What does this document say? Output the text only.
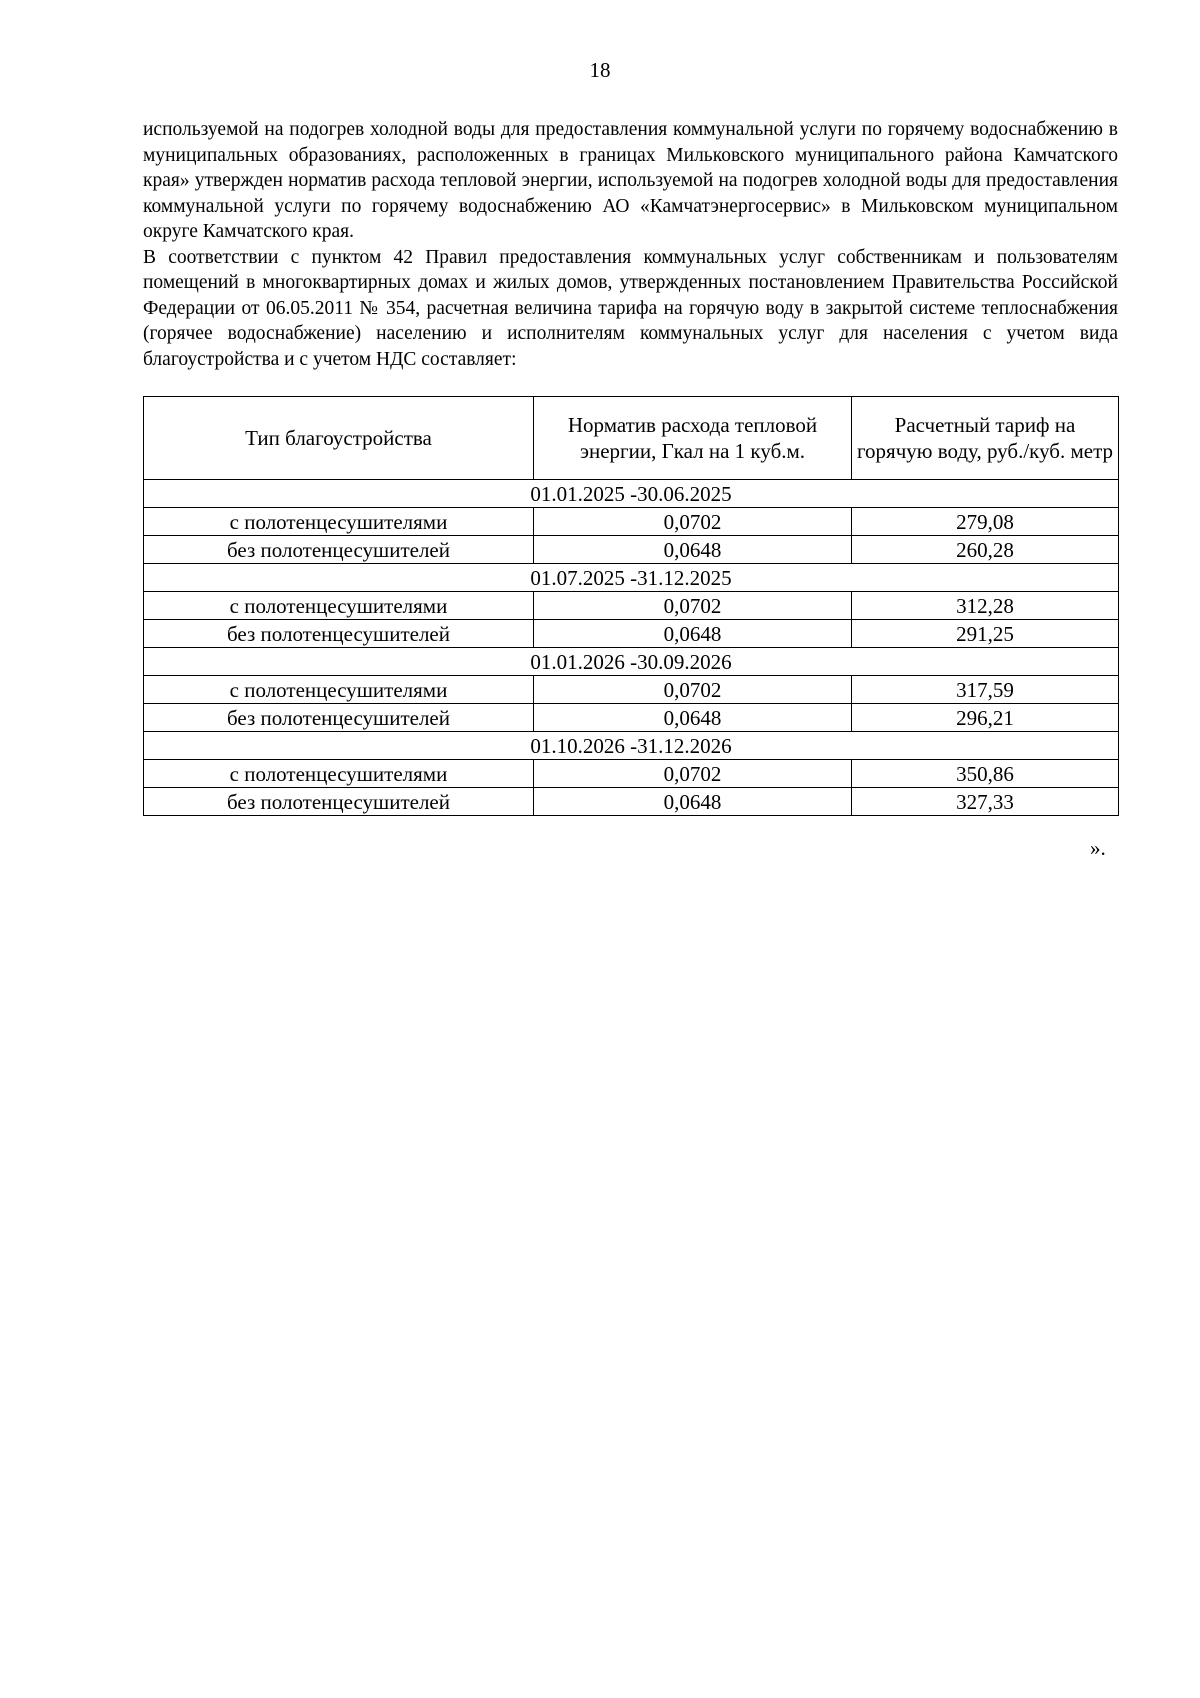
18

используемой на подогрев холодной воды для предоставления коммунальной услуги по горячему водоснабжению в муниципальных образованиях, расположенных в границах Мильковского муниципального района Камчатского края» утвержден норматив расхода тепловой энергии, используемой на подогрев холодной воды для предоставления коммунальной услуги по горячему водоснабжению АО «Камчатэнергосервис» в Мильковском муниципальном округе Камчатского края.

В соответствии с пунктом 42 Правил предоставления коммунальных услуг собственникам и пользователям помещений в многоквартирных домах и жилых домов, утвержденных постановлением Правительства Российской Федерации от 06.05.2011 № 354, расчетная величина тарифа на горячую воду в закрытой системе теплоснабжения (горячее водоснабжение) населению и исполнителям коммунальных услуг для населения с учетом вида благоустройства и с учетом НДС составляет:

Тип благоустройства	Норматив расхода тепловой энергии, Гкал на 1 куб.м.	Расчетный тариф на горячую воду, руб./куб. метр
01.01.2025 -30.06.2025		
с полотенцесушителями	0,0702	279,08
без полотенцесушителей	0,0648	260,28
01.07.2025 -31.12.2025		
с полотенцесушителями	0,0702	312,28
без полотенцесушителей	0,0648	291,25
01.01.2026 -30.09.2026		
с полотенцесушителями	0,0702	317,59
без полотенцесушителей	0,0648	296,21
01.10.2026 -31.12.2026		
с полотенцесушителями	0,0702	350,86
без полотенцесушителей	0,0648	327,33
».
